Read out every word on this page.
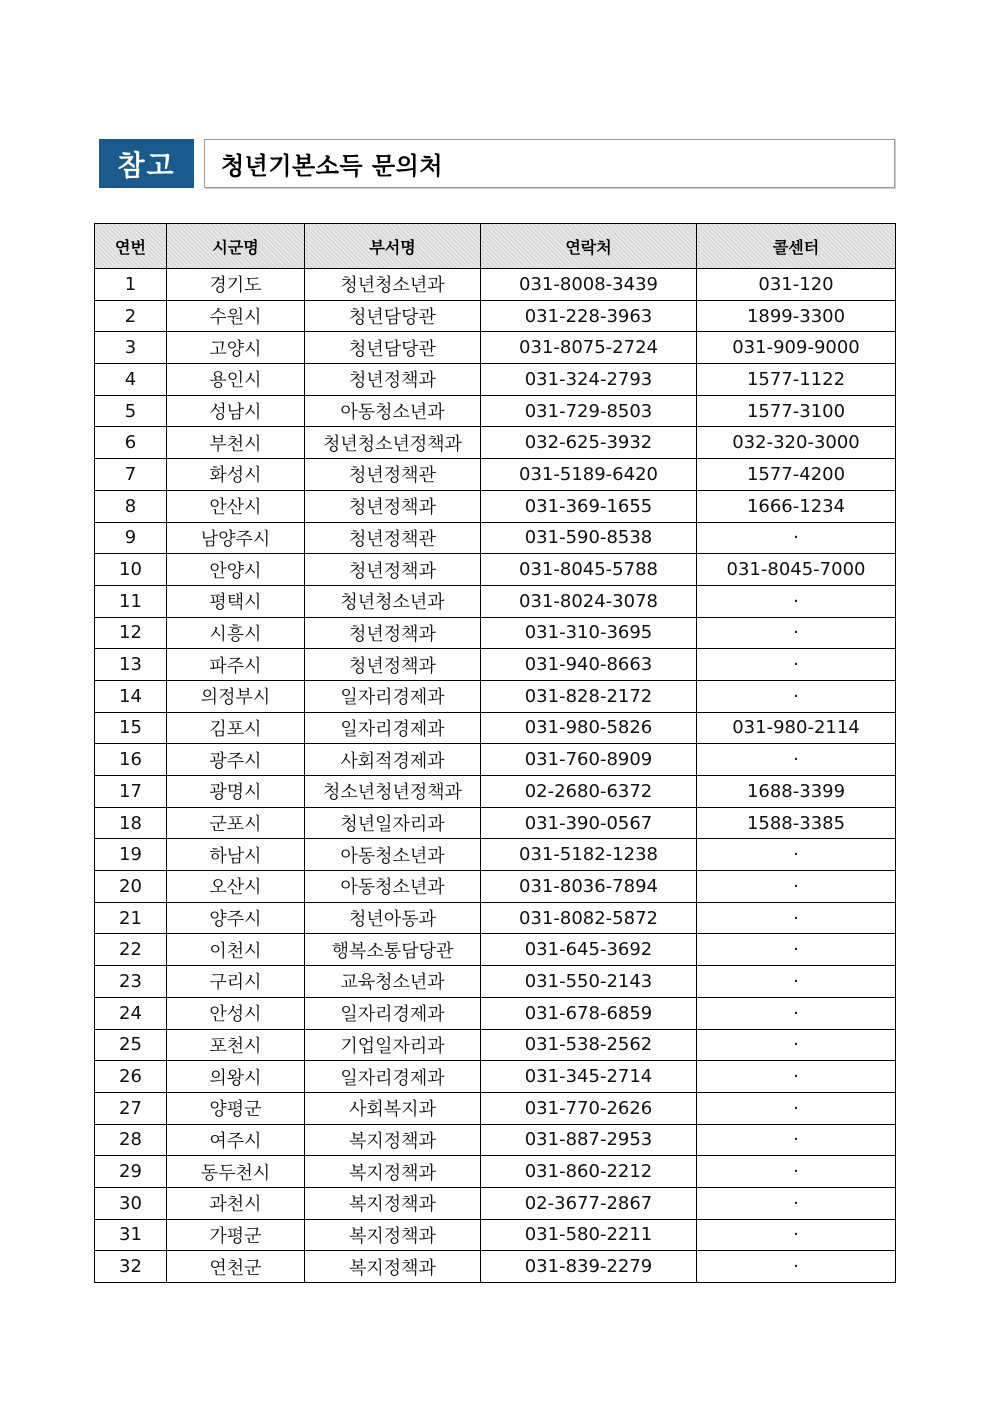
참고	청년기본소득 문의처
연번	시군명	부서명	연락처	콜센터
1	경기도	청년청소년과	031-8008-3439	031-120
2	수원시	청년담당관	031-228-3963	1899-3300
3	고양시	청년담당관	031-8075-2724	031-909-9000
4	용인시	청년정책과	031-324-2793	1577-1122
5	성남시	아동청소년과	031-729-8503	1577-3100
6	부천시	청년청소년정책과	032-625-3932	032-320-3000
7	화성시	청년정책관	031-5189-6420	1577-4200
8	안산시	청년정책과	031-369-1655	1666-1234
9	남양주시	청년정책관	031-590-8538	·
10	안양시	청년정책과	031-8045-5788	031-8045-7000
11	평택시	청년청소년과	031-8024-3078	·
12	시흥시	청년정책과	031-310-3695	·
13	파주시	청년정책과	031-940-8663	·
14	의정부시	일자리경제과	031-828-2172	·
15	김포시	일자리경제과	031-980-5826	031-980-2114
16	광주시	사회적경제과	031-760-8909	·
17	광명시	청소년청년정책과	02-2680-6372	1688-3399
18	군포시	청년일자리과	031-390-0567	1588-3385
19	하남시	아동청소년과	031-5182-1238	·
20	오산시	아동청소년과	031-8036-7894	·
21	양주시	청년아동과	031-8082-5872	·
22	이천시	행복소통담당관	031-645-3692	·
23	구리시	교육청소년과	031-550-2143	·
24	안성시	일자리경제과	031-678-6859	·
25	포천시	기업일자리과	031-538-2562	·
26	의왕시	일자리경제과	031-345-2714	·
27	양평군	사회복지과	031-770-2626	·
28	여주시	복지정책과	031-887-2953	·
29	동두천시	복지정책과	031-860-2212	·
30	과천시	복지정책과	02-3677-2867	·
31	가평군	복지정책과	031-580-2211	·
32	연천군	복지정책과	031-839-2279	·
